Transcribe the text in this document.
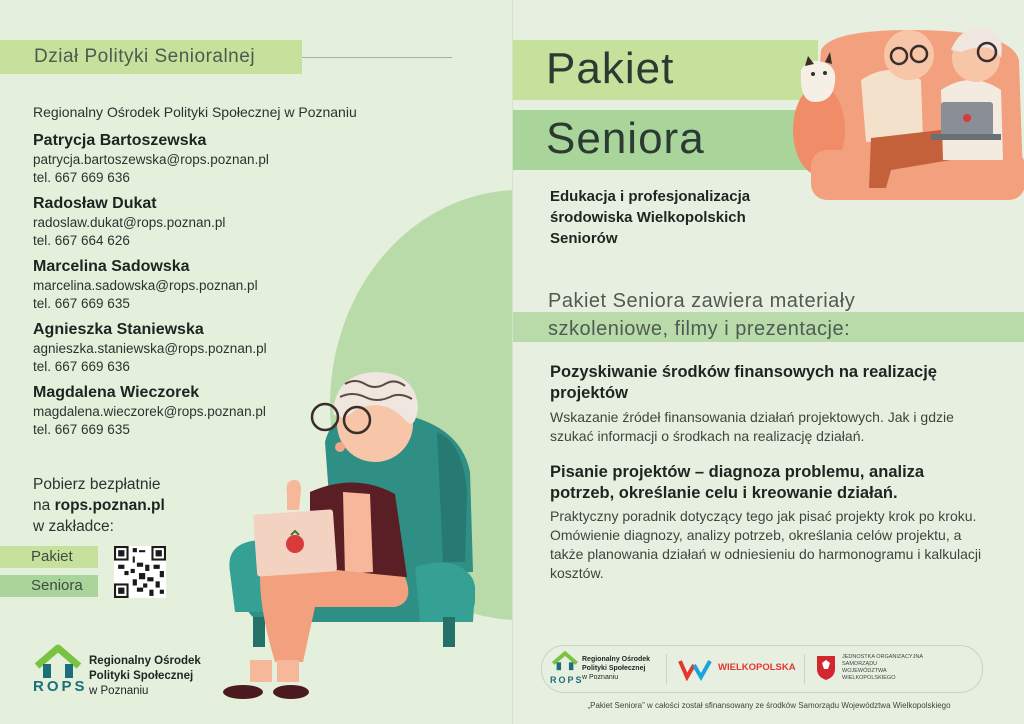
Dział Polityki Senioralnej
Regionalny Ośrodek Polityki Społecznej w Poznaniu
Patrycja Bartoszewska
patrycja.bartoszewska@rops.poznan.pl
tel. 667 669 636
Radosław Dukat
radoslaw.dukat@rops.poznan.pl
tel. 667 664 626
Marcelina Sadowska
marcelina.sadowska@rops.poznan.pl
tel. 667 669 635
Agnieszka Staniewska
agnieszka.staniewska@rops.poznan.pl
tel. 667 669 636
Magdalena Wieczorek
magdalena.wieczorek@rops.poznan.pl
tel. 667 669 635
Pobierz bezpłatnie
na rops.poznan.pl
w zakładce:
Pakiet
Seniora
ROPS
Regionalny Ośrodek
Polityki Społecznej
w Poznaniu
Pakiet
Seniora
Edukacja i profesjonalizacja środowiska Wielkopolskich Seniorów
Pakiet Seniora zawiera materiały
szkoleniowe, filmy i prezentacje:
Pozyskiwanie środków finansowych na realizację projektów
Wskazanie źródeł finansowania działań projektowych. Jak i gdzie szukać informacji o środkach na realizację działań.
Pisanie projektów – diagnoza problemu, analiza potrzeb, określanie celu i kreowanie działań.
Praktyczny poradnik dotyczący tego jak pisać projekty krok po kroku. Omówienie diagnozy, analizy potrzeb, określania celów projektu, a także planowania działań w odniesieniu do harmonogramu i kalkulacji kosztów.
ROPS
Regionalny Ośrodek
Polityki Społecznej
w Poznaniu
WIELKOPOLSKA
JEDNOSTKA ORGANIZACYJNA
SAMORZĄDU
WOJEWÓDZTWA
WIELKOPOLSKIEGO
„Pakiet Seniora” w całości został sfinansowany ze środków Samorządu Województwa Wielkopolskiego
